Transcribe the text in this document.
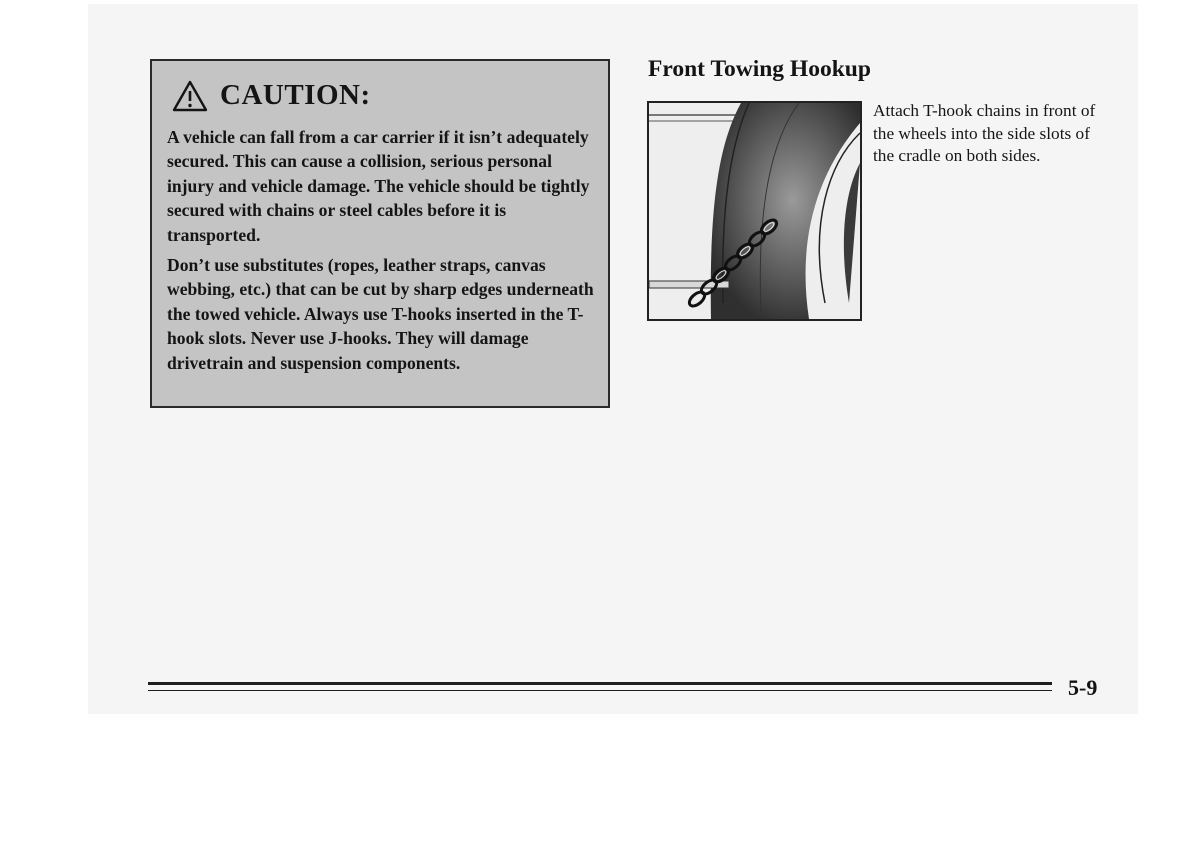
CAUTION:

A vehicle can fall from a car carrier if it isn’t adequately secured. This can cause a collision, serious personal injury and vehicle damage. The vehicle should be tightly secured with chains or steel cables before it is transported.

Don’t use substitutes (ropes, leather straps, canvas webbing, etc.) that can be cut by sharp edges underneath the towed vehicle. Always use T-hooks inserted in the T-hook slots. Never use J-hooks. They will damage drivetrain and suspension components.

Front Towing Hookup
Attach T-hook chains in front of the wheels into the side slots of the cradle on both sides.
5-9
